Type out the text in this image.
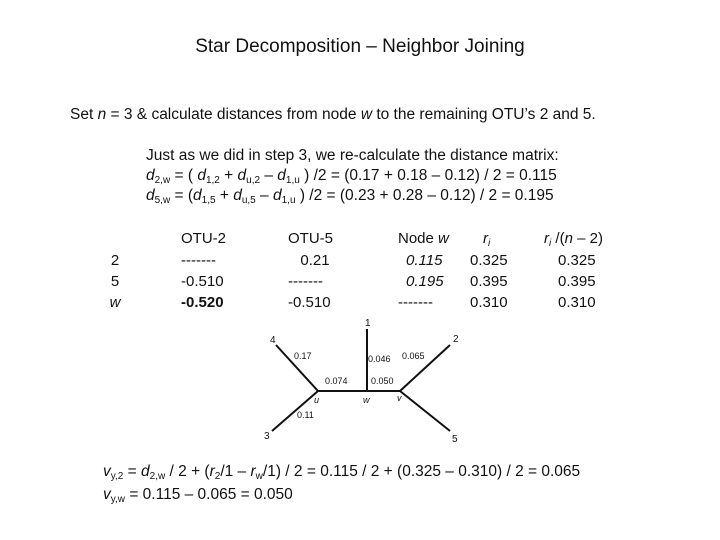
Star Decomposition – Neighbor Joining
Set n = 3 & calculate distances from node w to the remaining OTU’s 2 and 5.
Just as we did in step 3, we re-calculate the distance matrix:
$d_{2,w}$ = ( $d_{1,2} + d_{u,2} - d_{1,u}$ ) /2 = (0.17 + 0.18 – 0.12) / 2 = 0.115
$d_{5,w} = (d_{1,5} + d_{u,5} - d_{1,u}$ ) /2 = (0.23 + 0.28 – 0.12) / 2 = 0.195
OTU-2	OTU-5	Node w $r_i$	$r_i$ /(n – 2)
2	-------	0.21	0.115 0.325	0.325
5	-0.510	-------	0.195 0.395	0.395
w	-0.520	-0.510	------- 0.310	0.310
1
2
3
4
5
u	w	v
0.17	0.046 0.065
0.074	0.050
0.11
$v_{y,2} = d_{2,w} / 2 + (r_2/1 - r_w/1) / 2 = 0.115 / 2 + (0.325 - 0.310) / 2 = 0.065$
$v_{y,w} = 0.115 - 0.065 = 0.050$
